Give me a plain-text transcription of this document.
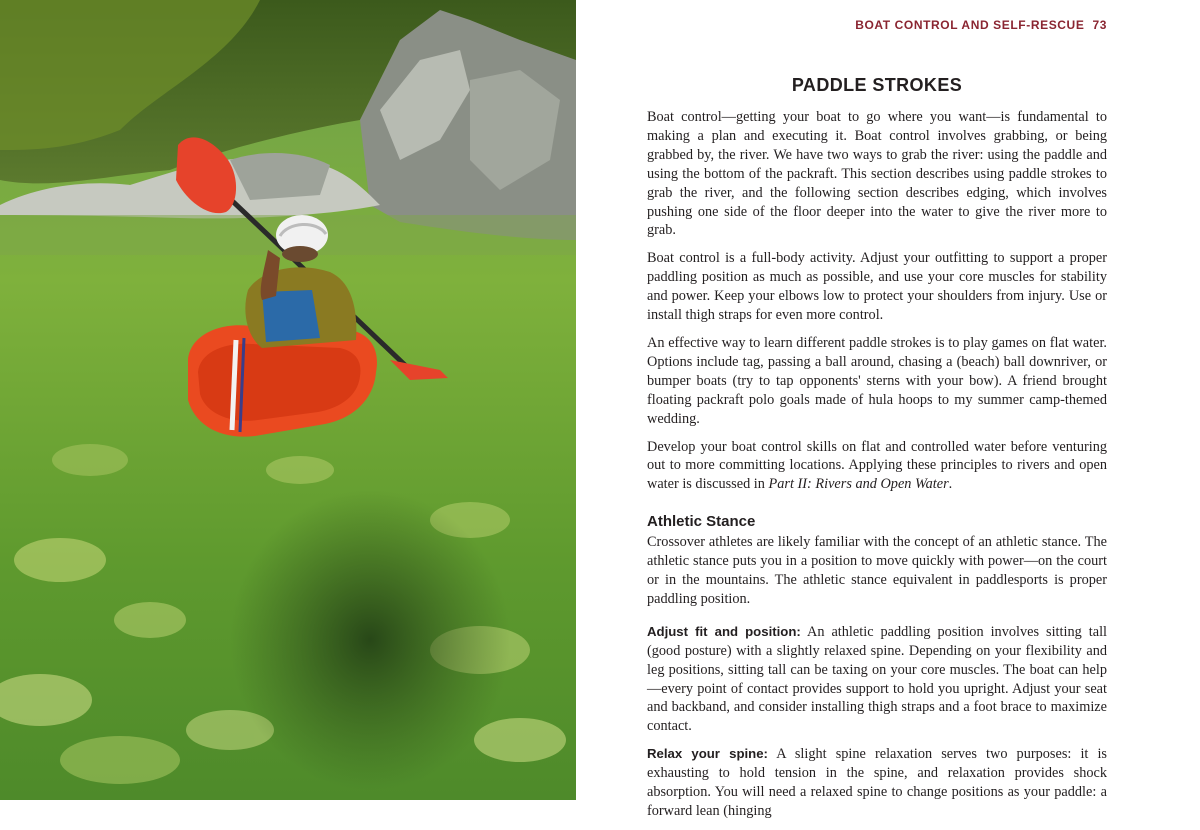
BOAT CONTROL AND SELF-RESCUE 73
PADDLE STROKES

Boat control—getting your boat to go where you want—is fundamental to making a plan and executing it. Boat control involves grabbing, or being grabbed by, the river. We have two ways to grab the river: using the paddle and using the bottom of the packraft. This section describes using paddle strokes to grab the river, and the following section describes edging, which involves pushing one side of the floor deeper into the water to give the river more to grab.

Boat control is a full-body activity. Adjust your outfitting to support a proper paddling position as much as possible, and use your core muscles for stability and power. Keep your elbows low to protect your shoulders from injury. Use or install thigh straps for even more control.

An effective way to learn different paddle strokes is to play games on flat water. Options include tag, passing a ball around, chasing a (beach) ball downriver, or bumper boats (try to tap opponents' sterns with your bow). A friend brought floating packraft polo goals made of hula hoops to my summer camp-themed wedding.

Develop your boat control skills on flat and controlled water before venturing out to more committing locations. Applying these principles to rivers and open water is discussed in Part II: Rivers and Open Water.

Athletic Stance

Crossover athletes are likely familiar with the concept of an athletic stance. The athletic stance puts you in a position to move quickly with power—on the court or in the mountains. The athletic stance equivalent in paddlesports is proper paddling position.

Adjust fit and position: An athletic paddling position involves sitting tall (good posture) with a slightly relaxed spine. Depending on your flexibility and leg positions, sitting tall can be taxing on your core muscles. The boat can help—every point of contact provides support to hold you upright. Adjust your seat and backband, and consider installing thigh straps and a foot brace to maximize contact.

Relax your spine: A slight spine relaxation serves two purposes: it is exhausting to hold tension in the spine, and relaxation provides shock absorption. You will need a relaxed spine to change positions as your paddle: a forward lean (hinging
